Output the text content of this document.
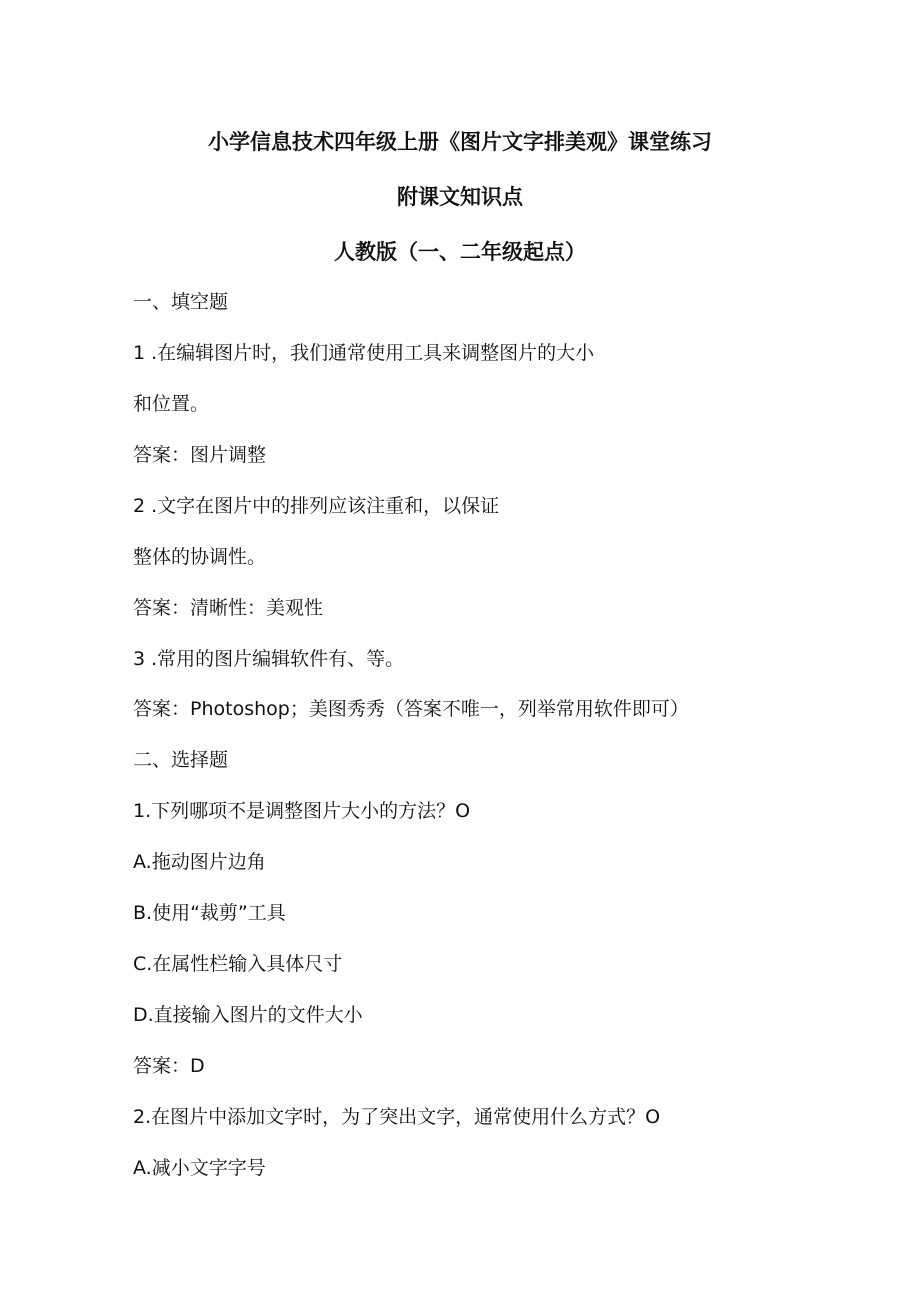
小学信息技术四年级上册《图片文字排美观》课堂练习
附课文知识点
人教版（一、二年级起点）
一、填空题
1 .在编辑图片时，我们通常使用工具来调整图片的大小
和位置。
答案：图片调整
2 .文字在图片中的排列应该注重和，以保证
整体的协调性。
答案：清晰性：美观性
3 .常用的图片编辑软件有、等。
答案：Photoshop；美图秀秀（答案不唯一，列举常用软件即可）
二、选择题
1.下列哪项不是调整图片大小的方法？O
A.拖动图片边角
B.使用“裁剪”工具
C.在属性栏输入具体尺寸
D.直接输入图片的文件大小
答案：D
2.在图片中添加文字时，为了突出文字，通常使用什么方式？O
A.减小文字字号
